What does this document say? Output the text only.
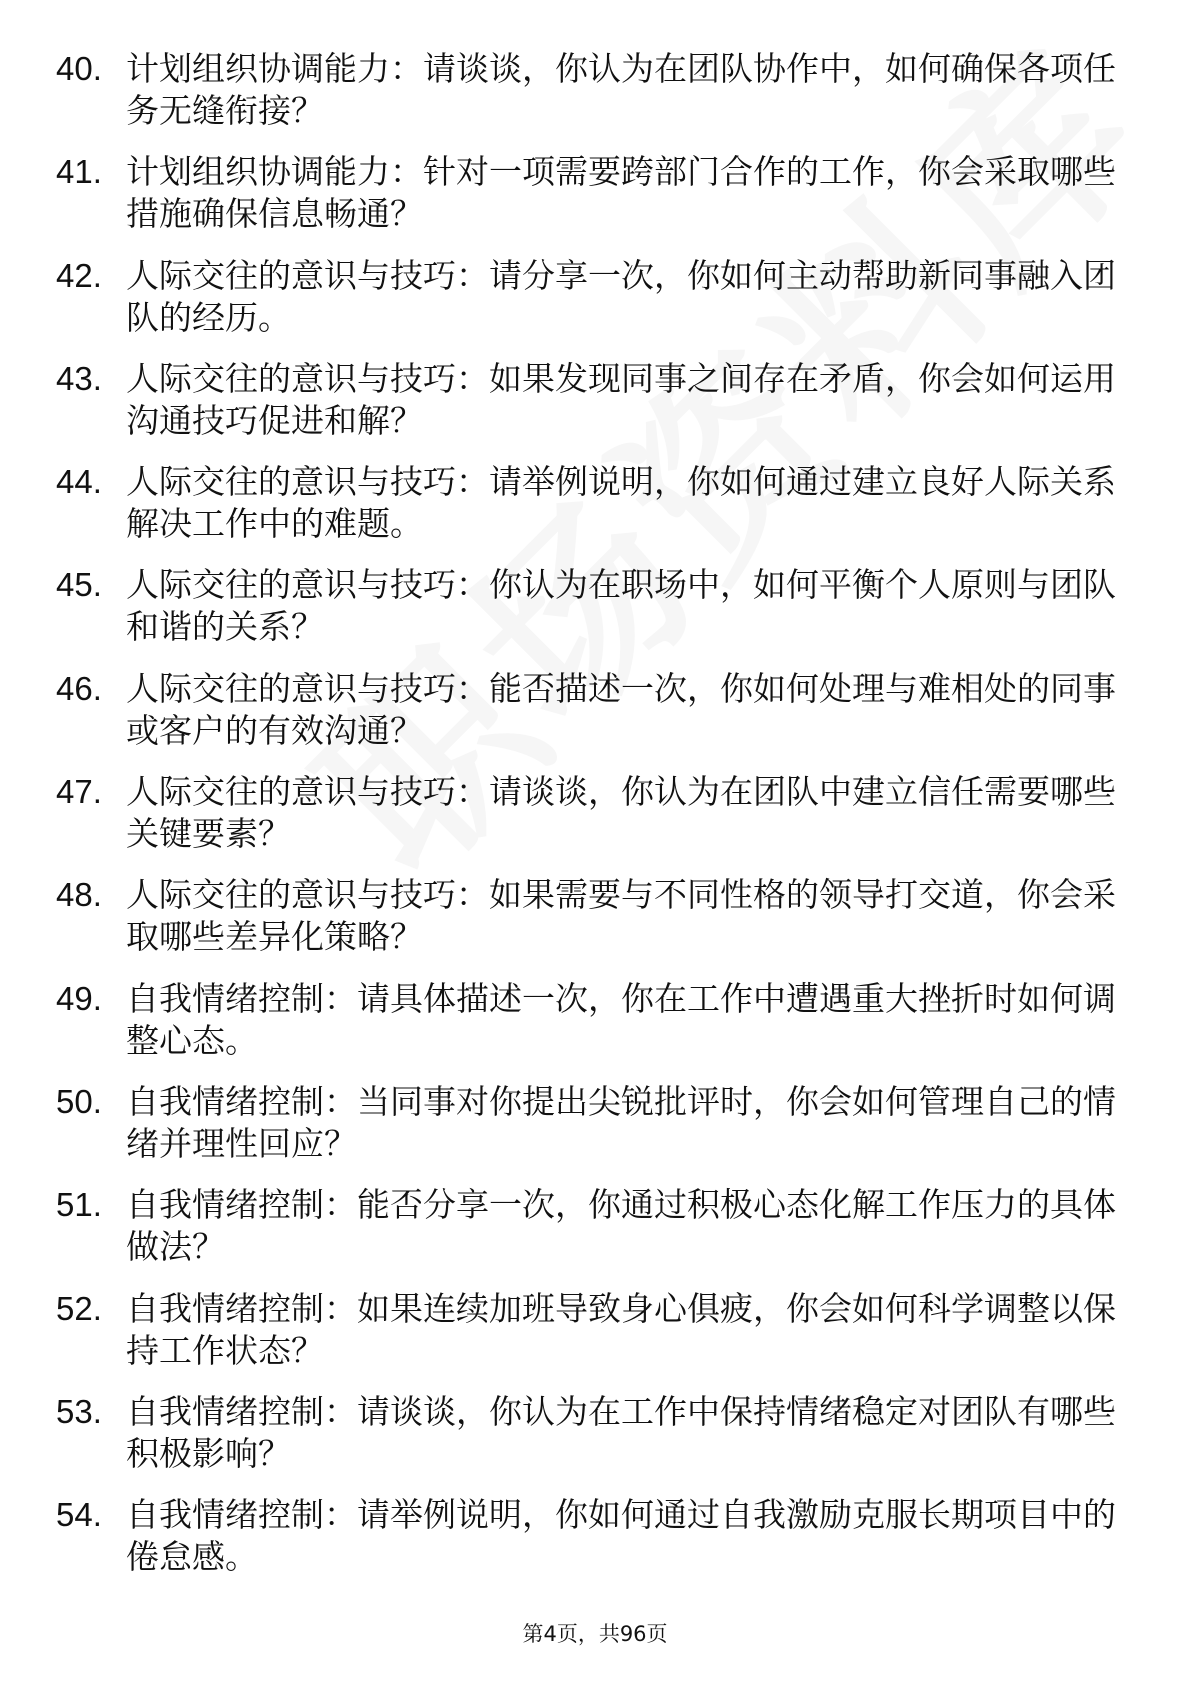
40. 计划组织协调能力：请谈谈，你认为在团队协作中，如何确保各项任务无缝衔接？
41. 计划组织协调能力：针对一项需要跨部门合作的工作，你会采取哪些措施确保信息畅通？
42. 人际交往的意识与技巧：请分享一次，你如何主动帮助新同事融入团队的经历。
43. 人际交往的意识与技巧：如果发现同事之间存在矛盾，你会如何运用沟通技巧促进和解？
44. 人际交往的意识与技巧：请举例说明，你如何通过建立良好人际关系解决工作中的难题。
45. 人际交往的意识与技巧：你认为在职场中，如何平衡个人原则与团队和谐的关系？
46. 人际交往的意识与技巧：能否描述一次，你如何处理与难相处的同事或客户的有效沟通？
47. 人际交往的意识与技巧：请谈谈，你认为在团队中建立信任需要哪些关键要素？
48. 人际交往的意识与技巧：如果需要与不同性格的领导打交道，你会采取哪些差异化策略？
49. 自我情绪控制：请具体描述一次，你在工作中遭遇重大挫折时如何调整心态。
50. 自我情绪控制：当同事对你提出尖锐批评时，你会如何管理自己的情绪并理性回应？
51. 自我情绪控制：能否分享一次，你通过积极心态化解工作压力的具体做法？
52. 自我情绪控制：如果连续加班导致身心俱疲，你会如何科学调整以保持工作状态？
53. 自我情绪控制：请谈谈，你认为在工作中保持情绪稳定对团队有哪些积极影响？
54. 自我情绪控制：请举例说明，你如何通过自我激励克服长期项目中的倦怠感。
第4页，共96页
